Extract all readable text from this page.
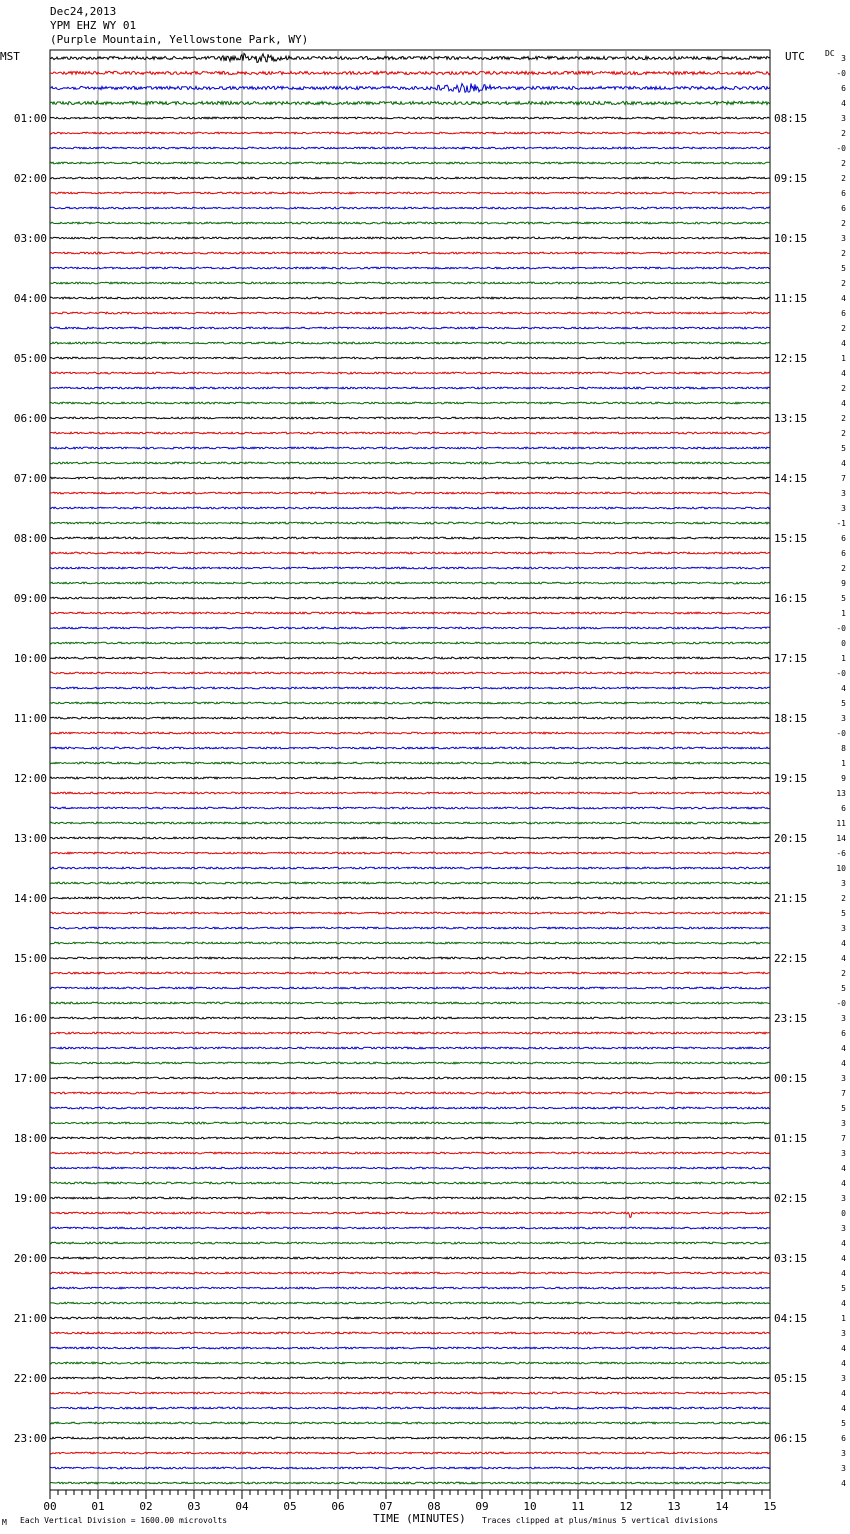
Dec24,2013
YPM EHZ WY 01
(Purple Mountain, Yellowstone Park, WY)
MST	UTC	DC
3
-0
6
4
3
2
-0
2
2
6
6
2
3
2
5
2
4
6
2
4
1
4
2
4
2
2
5
4
7
3
3
-1
6
6
2
9
5
1
-0
0
1
-0
4
5
3
-0
8
1
9
13
6
11
14
-6
10
3
2
5
3
4
4
2
5
-0
3
6
4
4
3
7
5
3
7
3
4
4
3
0
3
4
4
4
5
4
1
3
4
4
3
4
4
5
6
3
3
4
01:00	08:15
02:00	09:15
03:00	10:15
04:00	11:15
05:00	12:15
06:00	13:15
07:00	14:15
08:00	15:15
09:00	16:15
10:00	17:15
11:00	18:15
12:00	19:15
13:00	20:15
14:00	21:15
15:00	22:15
16:00	23:15
17:00	00:15
18:00	01:15
19:00	02:15
20:00	03:15
21:00	04:15
22:00	05:15
23:00	06:15
00	01	02	03	04	05	06	07	08	09	10	11	12	13	14	15
M Each Vertical Division = 1600.00 microvolts	TIME (MINUTES) Traces clipped at plus/minus 5 vertical divisions
